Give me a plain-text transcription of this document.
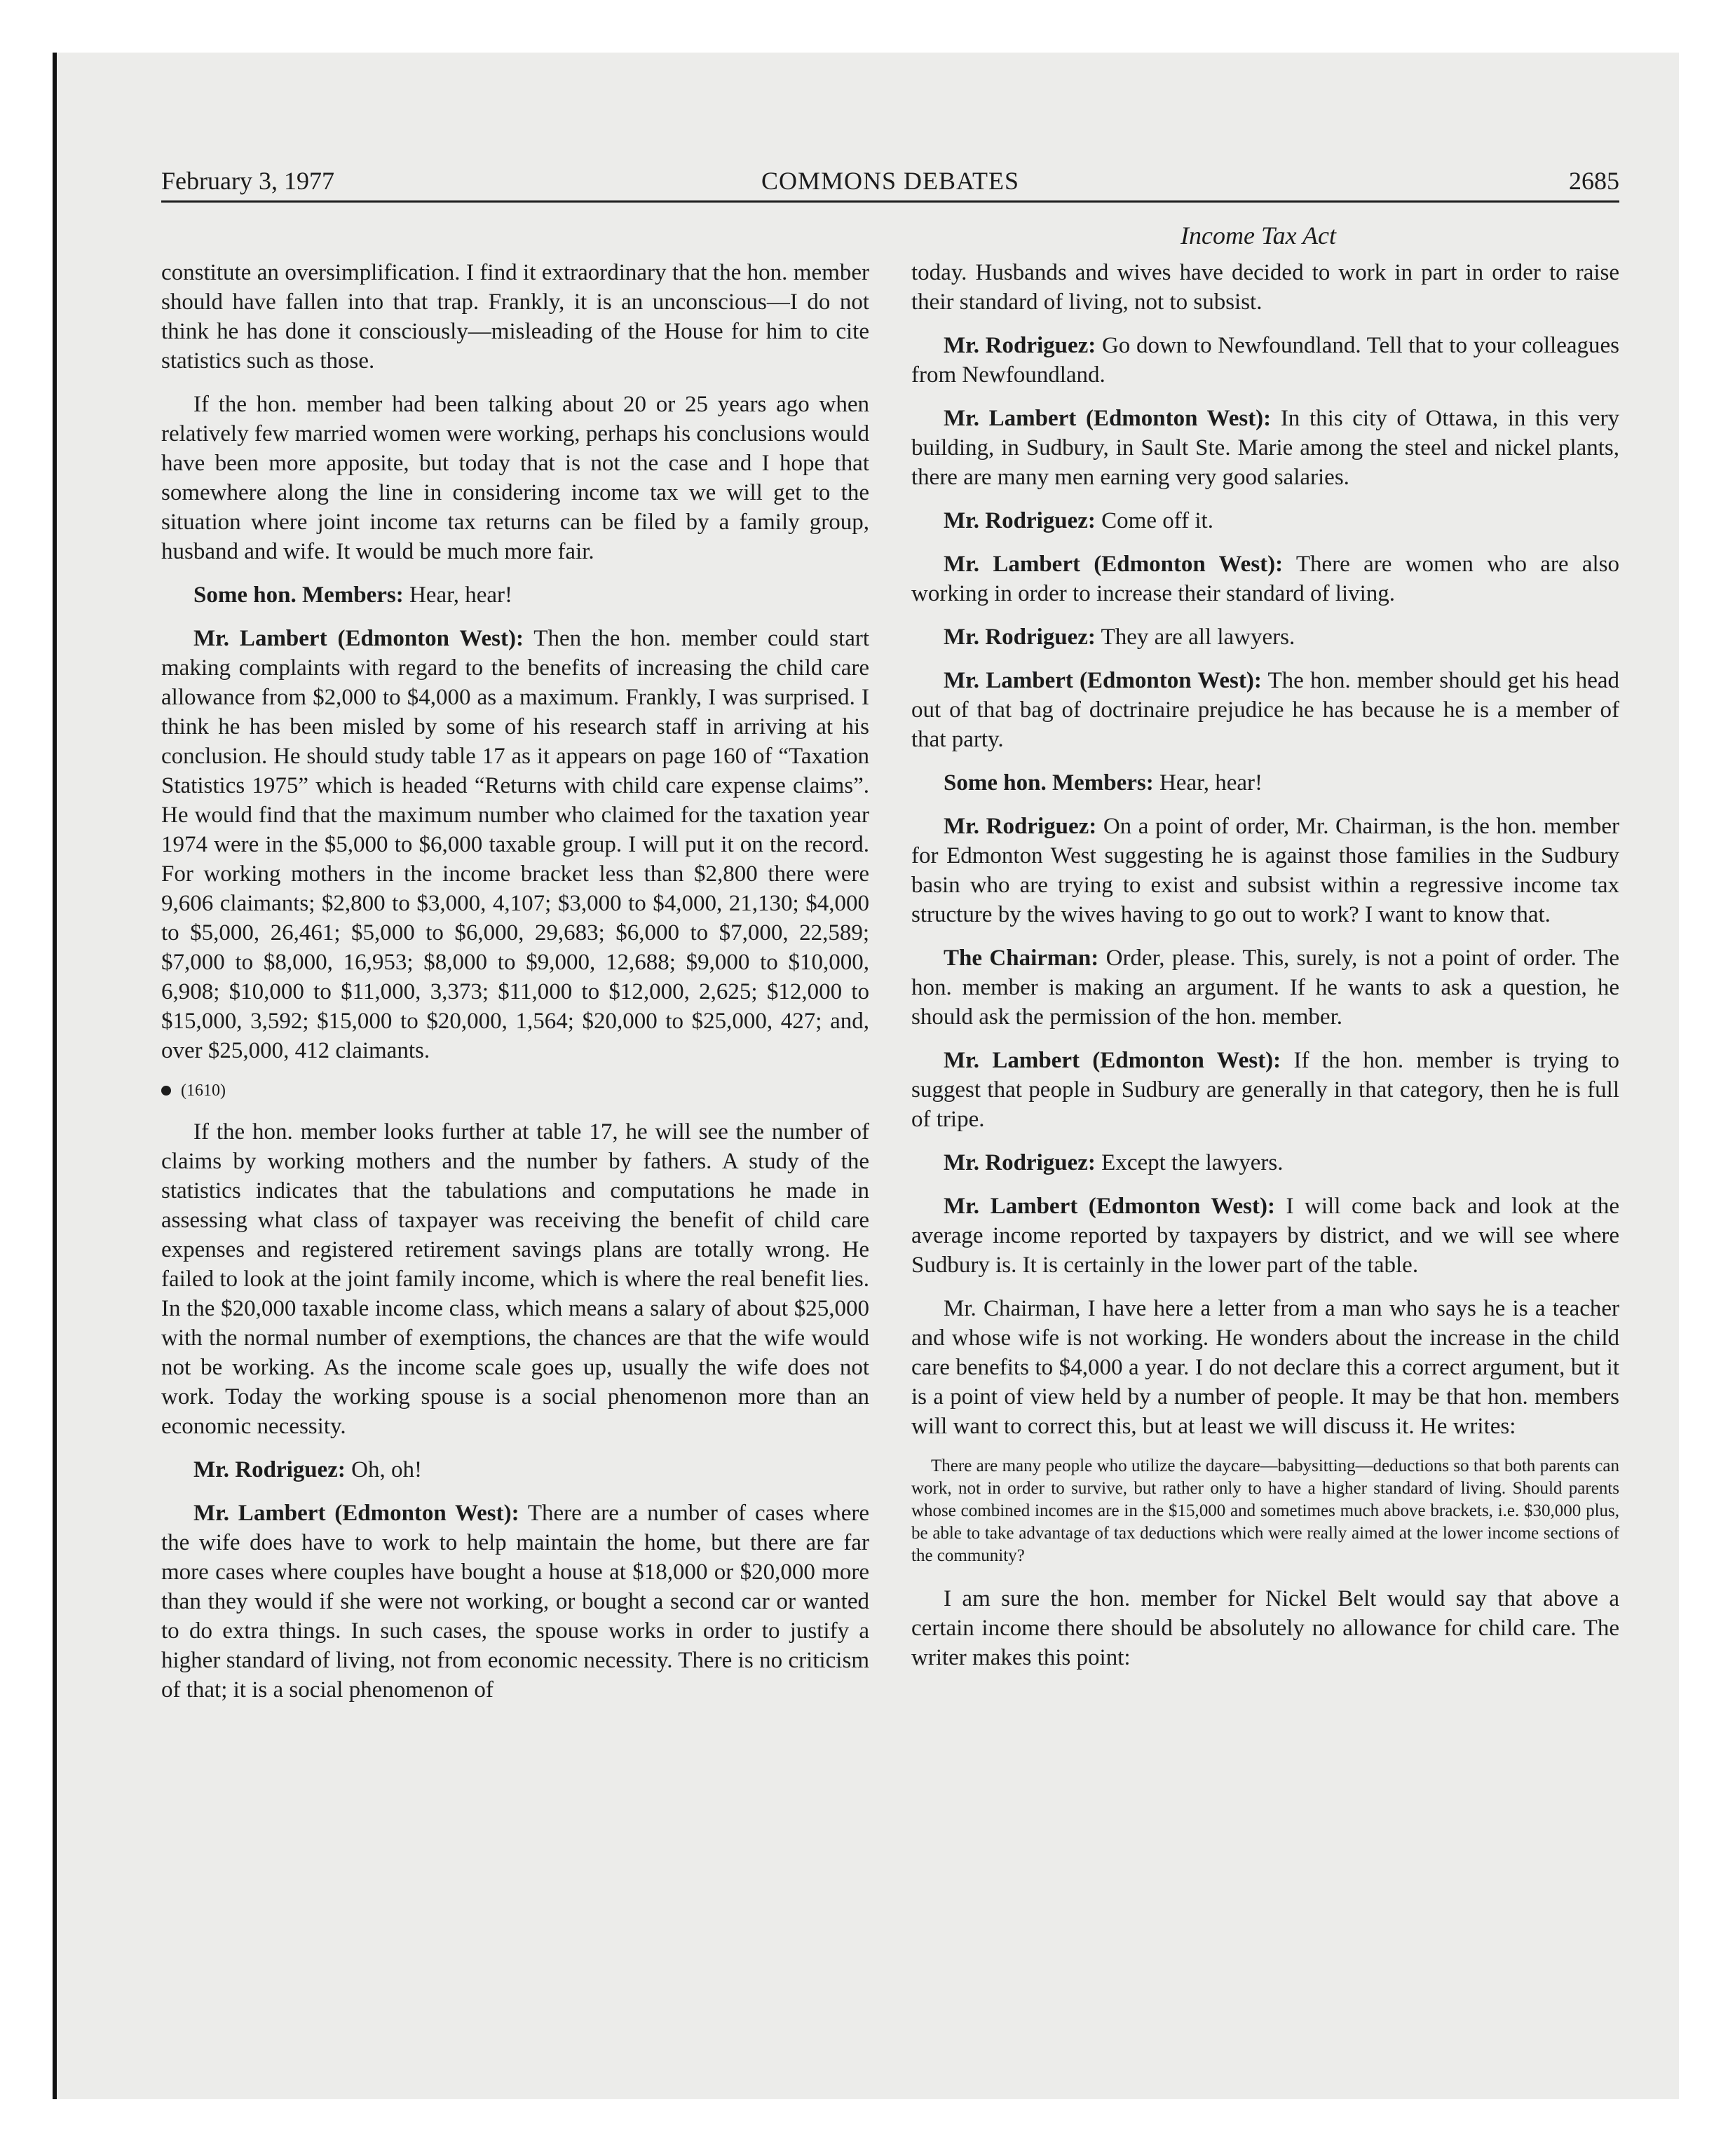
February 3, 1977	COMMONS DEBATES	2685
Income Tax Act

constitute an oversimplification. I find it extraordinary that the hon. member should have fallen into that trap. Frankly, it is an unconscious—I do not think he has done it consciously—misleading of the House for him to cite statistics such as those.

If the hon. member had been talking about 20 or 25 years ago when relatively few married women were working, perhaps his conclusions would have been more apposite, but today that is not the case and I hope that somewhere along the line in considering income tax we will get to the situation where joint income tax returns can be filed by a family group, husband and wife. It would be much more fair.

Some hon. Members: Hear, hear!

Mr. Lambert (Edmonton West): Then the hon. member could start making complaints with regard to the benefits of increasing the child care allowance from $2,000 to $4,000 as a maximum. Frankly, I was surprised. I think he has been misled by some of his research staff in arriving at his conclusion. He should study table 17 as it appears on page 160 of “Taxation Statistics 1975” which is headed “Returns with child care expense claims”. He would find that the maximum number who claimed for the taxation year 1974 were in the $5,000 to $6,000 taxable group. I will put it on the record. For working mothers in the income bracket less than $2,800 there were 9,606 claimants; $2,800 to $3,000, 4,107; $3,000 to $4,000, 21,130; $4,000 to $5,000, 26,461; $5,000 to $6,000, 29,683; $6,000 to $7,000, 22,589; $7,000 to $8,000, 16,953; $8,000 to $9,000, 12,688; $9,000 to $10,000, 6,908; $10,000 to $11,000, 3,373; $11,000 to $12,000, 2,625; $12,000 to $15,000, 3,592; $15,000 to $20,000, 1,564; $20,000 to $25,000, 427; and, over $25,000, 412 claimants.

(1610)

If the hon. member looks further at table 17, he will see the number of claims by working mothers and the number by fathers. A study of the statistics indicates that the tabulations and computations he made in assessing what class of taxpayer was receiving the benefit of child care expenses and registered retirement savings plans are totally wrong. He failed to look at the joint family income, which is where the real benefit lies. In the $20,000 taxable income class, which means a salary of about $25,000 with the normal number of exemptions, the chances are that the wife would not be working. As the income scale goes up, usually the wife does not work. Today the working spouse is a social phenomenon more than an economic necessity.

Mr. Rodriguez: Oh, oh!

Mr. Lambert (Edmonton West): There are a number of cases where the wife does have to work to help maintain the home, but there are far more cases where couples have bought a house at $18,000 or $20,000 more than they would if she were not working, or bought a second car or wanted to do extra things. In such cases, the spouse works in order to justify a higher standard of living, not from economic necessity. There is no criticism of that; it is a social phenomenon of

today. Husbands and wives have decided to work in part in order to raise their standard of living, not to subsist.

Mr. Rodriguez: Go down to Newfoundland. Tell that to your colleagues from Newfoundland.

Mr. Lambert (Edmonton West): In this city of Ottawa, in this very building, in Sudbury, in Sault Ste. Marie among the steel and nickel plants, there are many men earning very good salaries.

Mr. Rodriguez: Come off it.

Mr. Lambert (Edmonton West): There are women who are also working in order to increase their standard of living.

Mr. Rodriguez: They are all lawyers.

Mr. Lambert (Edmonton West): The hon. member should get his head out of that bag of doctrinaire prejudice he has because he is a member of that party.

Some hon. Members: Hear, hear!

Mr. Rodriguez: On a point of order, Mr. Chairman, is the hon. member for Edmonton West suggesting he is against those families in the Sudbury basin who are trying to exist and subsist within a regressive income tax structure by the wives having to go out to work? I want to know that.

The Chairman: Order, please. This, surely, is not a point of order. The hon. member is making an argument. If he wants to ask a question, he should ask the permission of the hon. member.

Mr. Lambert (Edmonton West): If the hon. member is trying to suggest that people in Sudbury are generally in that category, then he is full of tripe.

Mr. Rodriguez: Except the lawyers.

Mr. Lambert (Edmonton West): I will come back and look at the average income reported by taxpayers by district, and we will see where Sudbury is. It is certainly in the lower part of the table.

Mr. Chairman, I have here a letter from a man who says he is a teacher and whose wife is not working. He wonders about the increase in the child care benefits to $4,000 a year. I do not declare this a correct argument, but it is a point of view held by a number of people. It may be that hon. members will want to correct this, but at least we will discuss it. He writes:

There are many people who utilize the daycare—babysitting—deductions so that both parents can work, not in order to survive, but rather only to have a higher standard of living. Should parents whose combined incomes are in the $15,000 and sometimes much above brackets, i.e. $30,000 plus, be able to take advantage of tax deductions which were really aimed at the lower income sections of the community?

I am sure the hon. member for Nickel Belt would say that above a certain income there should be absolutely no allowance for child care. The writer makes this point:
